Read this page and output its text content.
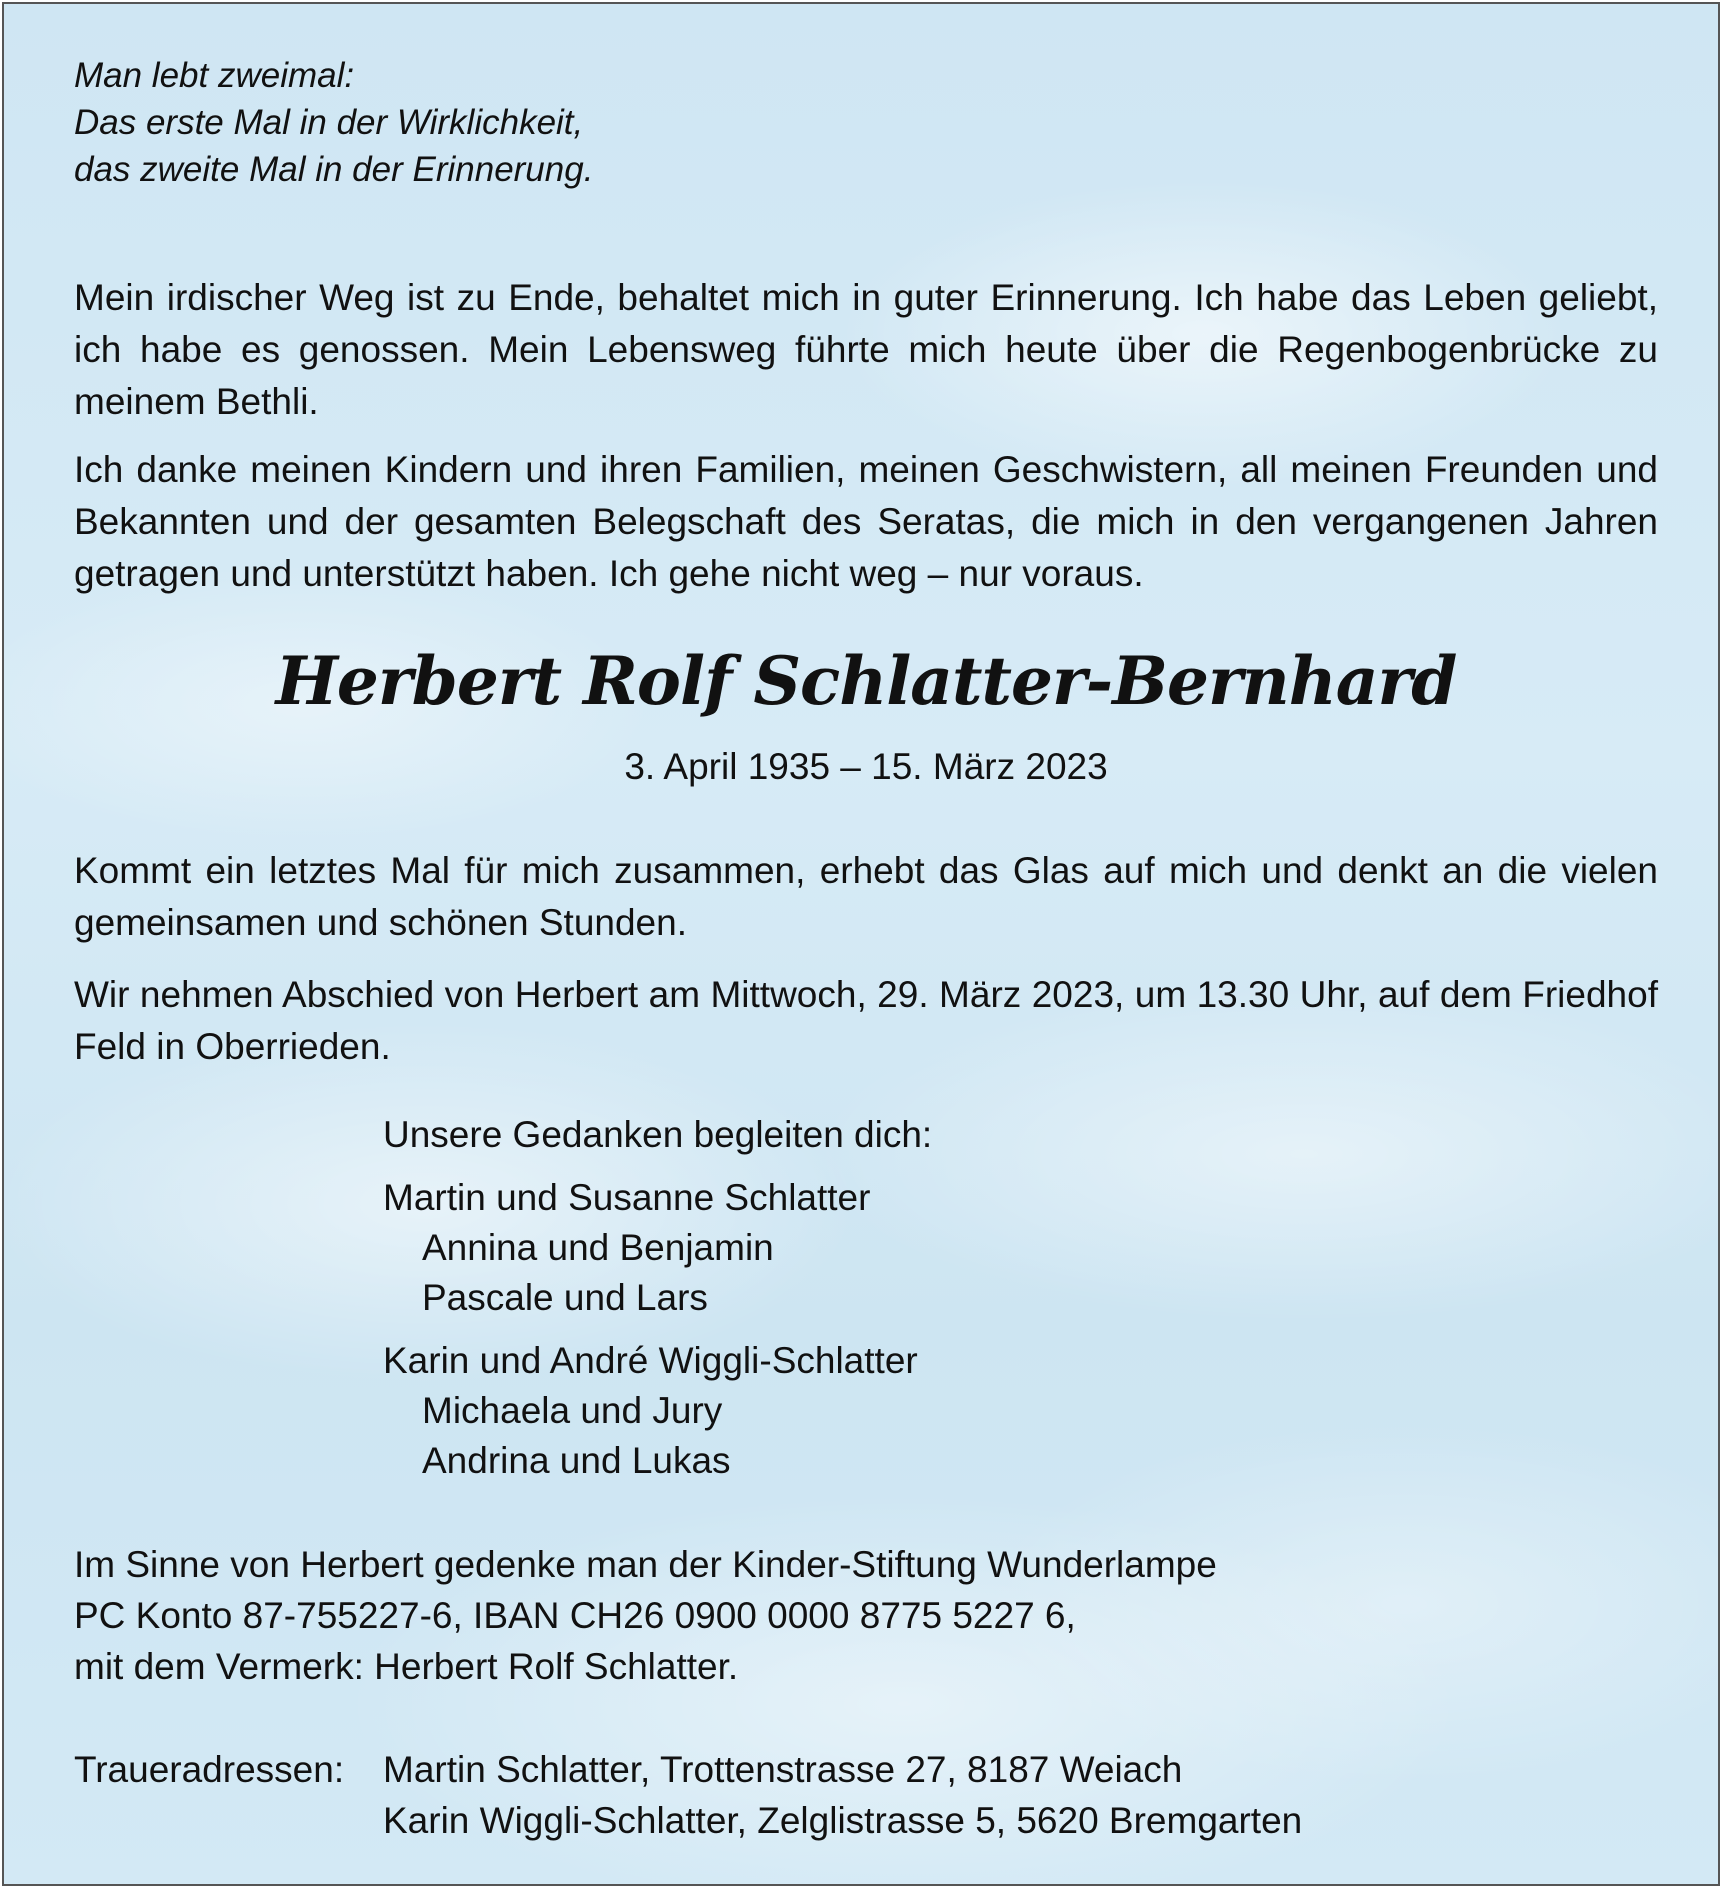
Man lebt zweimal:
Das erste Mal in der Wirklichkeit,
das zweite Mal in der Erinnerung.
Mein irdischer Weg ist zu Ende, behaltet mich in guter Erinnerung. Ich habe das Leben geliebt, ich habe es genossen. Mein Lebensweg führte mich heute über die Regenbogenbrücke zu meinem Bethli.
Ich danke meinen Kindern und ihren Familien, meinen Geschwistern, all meinen Freunden und Bekannten und der gesamten Belegschaft des Seratas, die mich in den vergangenen Jahren getragen und unterstützt haben. Ich gehe nicht weg – nur voraus.
Herbert Rolf Schlatter-Bernhard
3. April 1935 – 15. März 2023
Kommt ein letztes Mal für mich zusammen, erhebt das Glas auf mich und denkt an die vielen gemeinsamen und schönen Stunden.
Wir nehmen Abschied von Herbert am Mittwoch, 29. März 2023, um 13.30 Uhr, auf dem Friedhof Feld in Oberrieden.
Unsere Gedanken begleiten dich:
Martin und Susanne Schlatter
Annina und Benjamin
Pascale und Lars
Karin und André Wiggli-Schlatter
Michaela und Jury
Andrina und Lukas
Im Sinne von Herbert gedenke man der Kinder-Stiftung Wunderlampe
PC Konto 87-755227-6, IBAN CH26 0900 0000 8775 5227 6,
mit dem Vermerk: Herbert Rolf Schlatter.
Traueradressen:	Martin Schlatter, Trottenstrasse 27, 8187 Weiach
Karin Wiggli-Schlatter, Zelglistrasse 5, 5620 Bremgarten
